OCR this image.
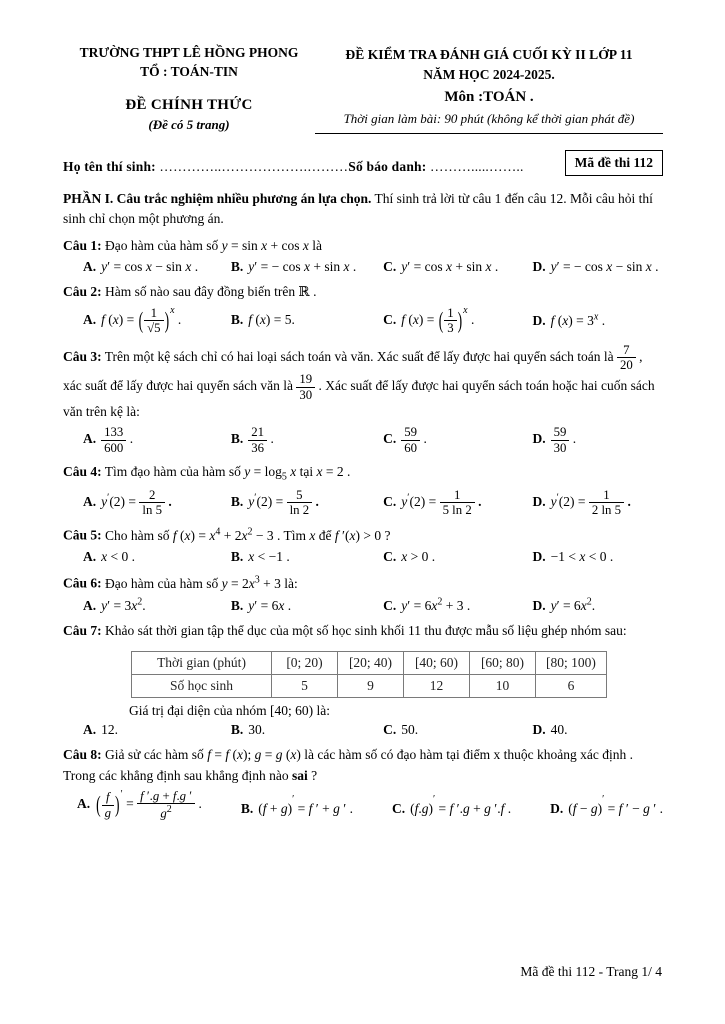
TRƯỜNG THPT LÊ HỒNG PHONG
TỔ : TOÁN-TIN
ĐỀ CHÍNH THỨC
(Đề có 5 trang)
ĐỀ KIỂM TRA ĐÁNH GIÁ CUỐI KỲ II LỚP 11
NĂM HỌC 2024-2025.
Môn :TOÁN .
Thời gian làm bài: 90 phút (không kể thời gian phát đề)
Họ tên thí sinh: …………..……………….………Số báo danh: ……….....……..	Mã đề thi 112

PHẦN I. Câu trắc nghiệm nhiều phương án lựa chọn. Thí sinh trả lời từ câu 1 đến câu 12. Mỗi câu hỏi thí sinh chỉ chọn một phương án.

Câu 1: Đạo hàm của hàm số y = sin x + cos x là

A. y′ = cos x − sin x .	B. y′ = − cos x + sin x .	C. y′ = cos x + sin x .	D. y′ = − cos x − sin x .

Câu 2: Hàm số nào sau đây đồng biến trên ℝ .

A. f (x) = ( $\frac{1}{√5} )^x$ .	B. f (x) = 5.	C. f (x) = ( $\frac{1}{3} )^x$ .	D. f $(x) = 3^x$ .

Câu 3: Trên một kệ sách chỉ có hai loại sách toán và văn. Xác suất để lấy được hai quyển sách toán là $\frac{7}{20}$ , xác suất để lấy được hai quyển sách văn là $\frac{19}{30}$ . Xác suất để lấy được hai quyển sách toán hoặc hai cuốn sách văn trên kệ là:

A. $\frac{133}{600}$ .	B. $\frac{21}{36}$ .	C. $\frac{59}{60}$ .	D. $\frac{59}{30}$ .

Câu 4: Tìm đạo hàm của hàm số $y = \log_5 x$ tại x = 2 .

A. $y'(2) = \frac{2}{\ln 5}$ .	B. $y'(2) = \frac{5}{\ln 2}$ .	C. $y'(2) = \frac{1}{5 \ln 2}$ .	D. $y'(2) = \frac{1}{2 \ln 5}$ .

Câu 5: Cho hàm số f $(x) = x^4 + 2x^2 - 3$ . Tìm x để f ′(x) > 0 ?

A. x < 0 .	B. x < −1 .	C. x > 0 .	D. −1 < x < 0 .

Câu 6: Đạo hàm của hàm số $y = 2x^3 + 3$ là:

A. $y' = 3x^2$.	B. y′ = 6x .	C. $y' = 6x^2 + 3$ .	D. $y' = 6x^2$.

Câu 7: Khảo sát thời gian tập thể dục của một số học sinh khối 11 thu được mẫu số liệu ghép nhóm sau:

Thời gian (phút)	[0; 20)	[20; 40)	[40; 60)	[60; 80)	[80; 100)
Số học sinh	5	9	12	10	6

Giá trị đại diện của nhóm [40; 60) là:

A. 12.	B. 30.	C. 50.	D. 40.

Câu 8: Giả sử các hàm số f = f (x); g = g (x) là các hàm số có đạo hàm tại điểm x thuộc khoảng xác định .

Trong các khẳng định sau khẳng định nào sai ?

A. ( $\frac{f}{g} )' = \frac{f '.g + f.g '}{g^2}$ .	B. (f + g)′ = f ′ + g ′ .	C. (f.g)′ = f ′.g + g ′.f .	D. (f − g)′ = f ′ − g ′ .
Mã đề thi 112 - Trang 1/ 4
